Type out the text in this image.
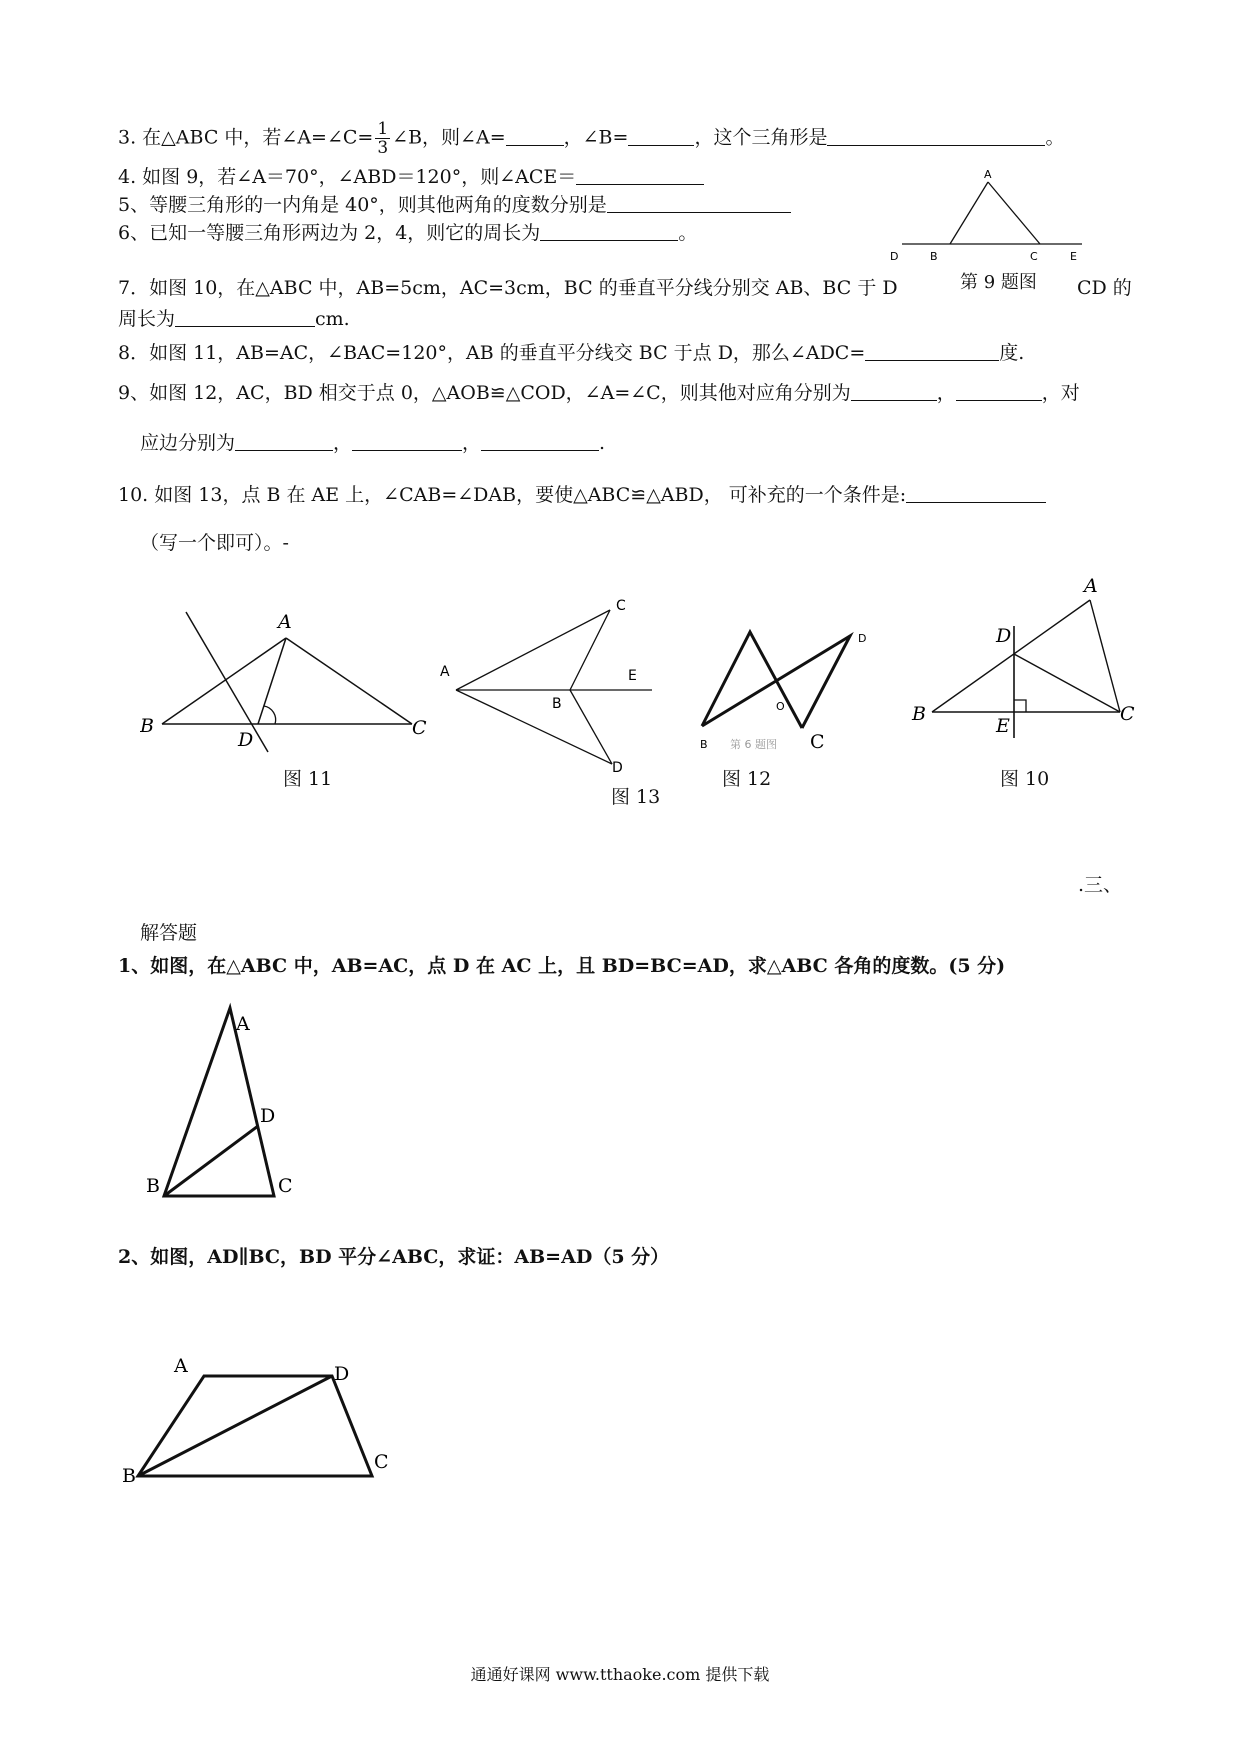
3. 在△ABC 中，若∠A=∠C= $\frac{1}{3}$ ∠B，则∠A=	，∠B=	，这个三角形是	。
4. 如图 9，若∠A＝70°，∠ABD＝120°，则∠ACE＝
5、等腰三角形的一内角是 40°，则其他两角的度数分别是
6、已知一等腰三角形两边为 2，4，则它的周长为	。
A
D	B	C	E
7．如图 10，在△ABC 中，AB=5cm，AC=3cm，BC 的垂直平分线分别交 AB、BC 于 D	第 9 题图 CD 的
周长为	cm.
8．如图 11，AB=AC，∠BAC=120°，AB 的垂直平分线交 BC 于点 D，那么∠ADC=	度.
9、如图 12，AC，BD 相交于点 0，△AOB≌△COD，∠A=∠C，则其他对应角分别为	，	，对
应边分别为	，	，	.
10. 如图 13，点 B 在 AE 上，∠CAB=∠DAB，要使△ABC≌△ABD， 可补充的一个条件是:
（写一个即可）。-
A
B
D
C
图 11
C
A	E
B
D
图 13
D
O
B	C
第 6 题图
图 12
A
D
B
E
C
图 10
.三、
解答题
1、如图，在△ABC 中，AB=AC，点 D 在 AC 上，且 BD=BC=AD，求△ABC 各角的度数。(5 分)
A
D
B	C
2、如图，AD∥BC，BD 平分∠ABC，求证：AB=AD（5 分）
A	D
B
C
通通好课网 www.tthaoke.com 提供下载
